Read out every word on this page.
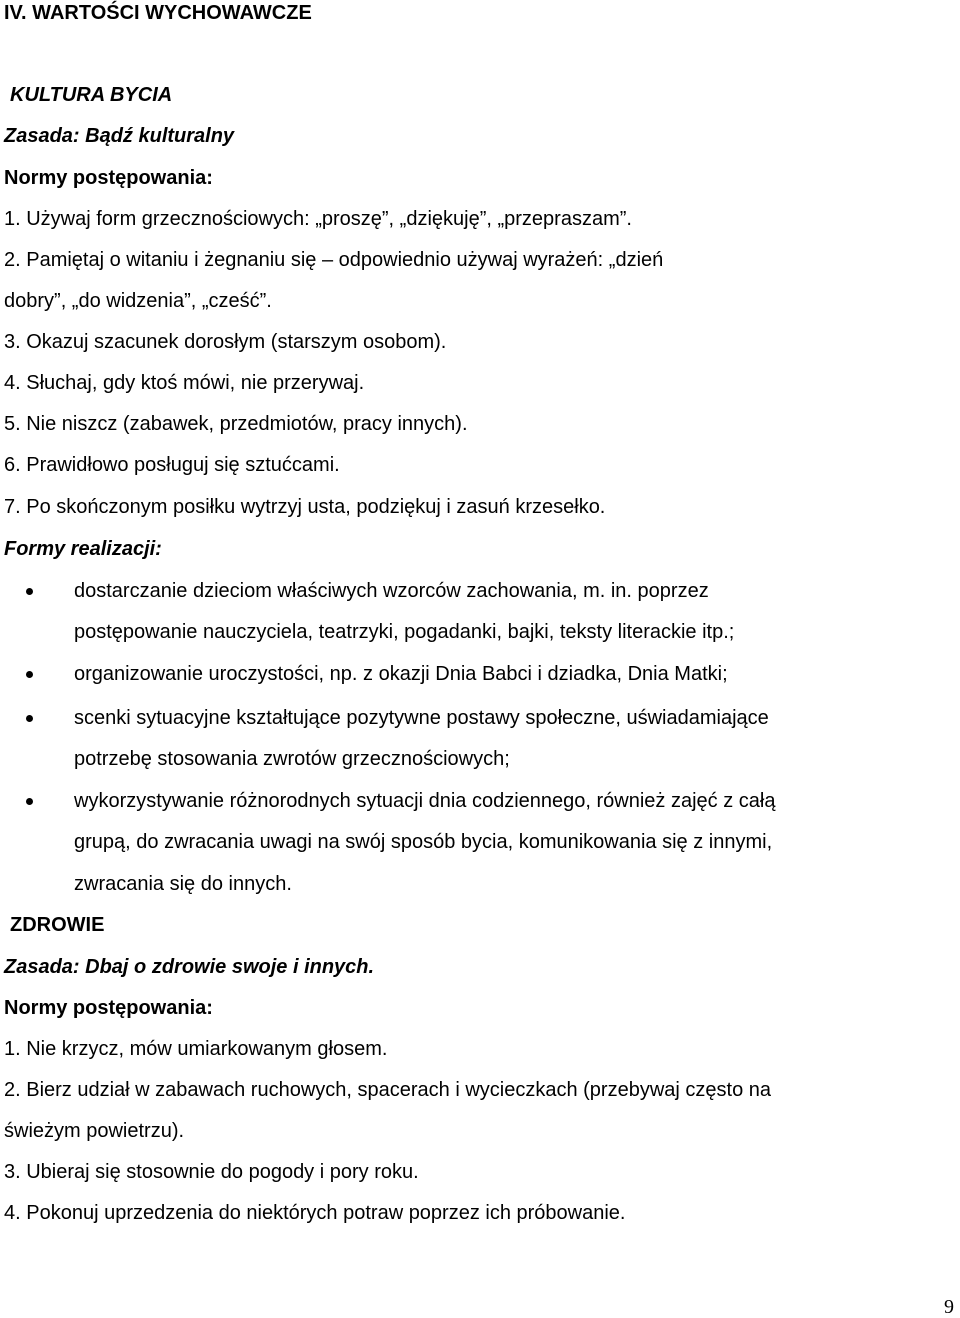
IV. WARTOŚCI WYCHOWAWCZE
KULTURA BYCIA
Zasada: Bądź kulturalny
Normy postępowania:
1. Używaj form grzecznościowych: „proszę”, „dziękuję”, „przepraszam”.
2. Pamiętaj o witaniu i żegnaniu się – odpowiednio używaj wyrażeń: „dzień
dobry”, „do widzenia”, „cześć”.
3. Okazuj szacunek dorosłym (starszym osobom).
4. Słuchaj, gdy ktoś mówi, nie przerywaj.
5. Nie niszcz (zabawek, przedmiotów, pracy innych).
6. Prawidłowo posługuj się sztućcami.
7. Po skończonym posiłku wytrzyj usta, podziękuj i zasuń krzesełko.
Formy realizacji:
dostarczanie dzieciom właściwych wzorców zachowania, m. in. poprzez
postępowanie nauczyciela, teatrzyki, pogadanki, bajki, teksty literackie itp.;
organizowanie uroczystości, np. z okazji Dnia Babci i dziadka, Dnia Matki;
scenki sytuacyjne kształtujące pozytywne postawy społeczne, uświadamiające
potrzebę stosowania zwrotów grzecznościowych;
wykorzystywanie różnorodnych sytuacji dnia codziennego, również zajęć z całą
grupą, do zwracania uwagi na swój sposób bycia, komunikowania się z innymi,
zwracania się do innych.
ZDROWIE
Zasada: Dbaj o zdrowie swoje i innych.
Normy postępowania:
1. Nie krzycz, mów umiarkowanym głosem.
2. Bierz udział w zabawach ruchowych, spacerach i wycieczkach (przebywaj często na
świeżym powietrzu).
3. Ubieraj się stosownie do pogody i pory roku.
4. Pokonuj uprzedzenia do niektórych potraw poprzez ich próbowanie.
9
